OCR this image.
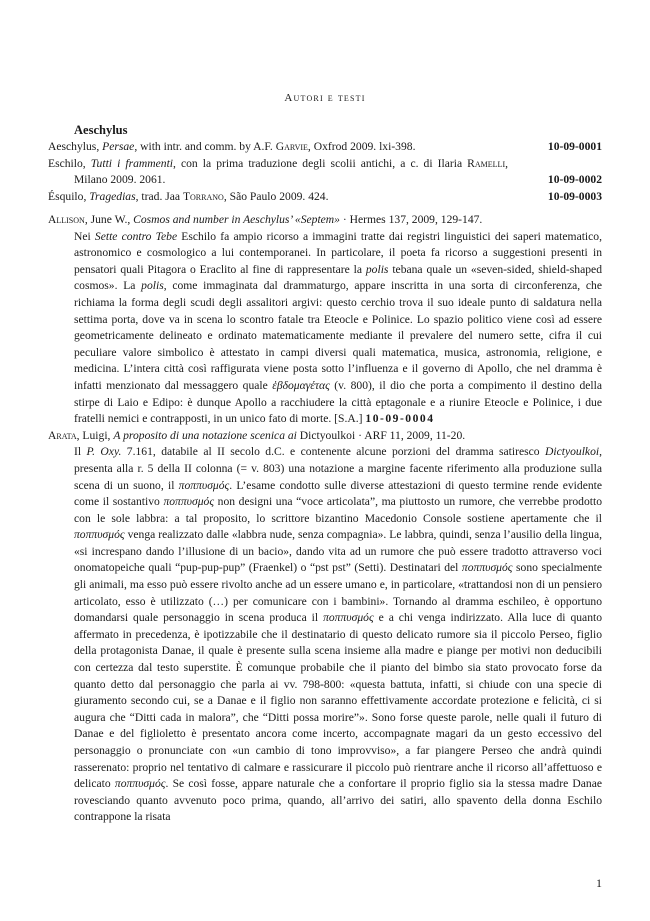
Autori e testi
Aeschylus
Aeschylus, Persae, with intr. and comm. by A.F. Garvie, Oxfrod 2009. lxi-398.	10-09-0001
Eschilo, Tutti i frammenti, con la prima traduzione degli scolii antichi, a c. di Ilaria Ramelli, Milano 2009. 2061.	10-09-0002
Ésquilo, Tragedias, trad. Jaa Torrano, São Paulo 2009. 424.	10-09-0003
Allison, June W., Cosmos and number in Aeschylus’ «Septem» · Hermes 137, 2009, 129-147.
Nei Sette contro Tebe Eschilo fa ampio ricorso a immagini tratte dai registri linguistici dei saperi matematico, astronomico e cosmologico a lui contemporanei. In particolare, il poeta fa ricorso a suggestioni presenti in pensatori quali Pitagora o Eraclito al fine di rappresentare la polis tebana quale un «seven-sided, shield-shaped cosmos». La polis, come immaginata dal drammaturgo, appare inscritta in una sorta di circonferenza, che richiama la forma degli scudi degli assalitori argivi: questo cerchio trova il suo ideale punto di saldatura nella settima porta, dove va in scena lo scontro fatale tra Eteocle e Polinice. Lo spazio politico viene così ad essere geometricamente delineato e ordinato matematicamente mediante il prevalere del numero sette, cifra il cui peculiare valore simbolico è attestato in campi diversi quali matematica, musica, astronomia, religione, e medicina. L’intera città così raffigurata viene posta sotto l’influenza e il governo di Apollo, che nel dramma è infatti menzionato dal messaggero quale ἑβδομαγέτας (v. 800), il dio che porta a compimento il destino della stirpe di Laio e Edipo: è dunque Apollo a racchiudere la città eptagonale e a riunire Eteocle e Polinice, i due fratelli nemici e contrapposti, in un unico fato di morte. [S.A.] 10-09-0004
Arata, Luigi, A proposito di una notazione scenica ai Dictyoulkoi · ARF 11, 2009, 11-20.
Il P. Oxy. 7.161, databile al II secolo d.C. e contenente alcune porzioni del dramma satiresco Dictyoulkoi, presenta alla r. 5 della II colonna (= v. 803) una notazione a margine facente riferimento alla produzione sulla scena di un suono, il ποππυσμός. L’esame condotto sulle diverse attestazioni di questo termine rende evidente come il sostantivo ποππυσμός non designi una “voce articolata”, ma piuttosto un rumore, che verrebbe prodotto con le sole labbra: a tal proposito, lo scrittore bizantino Macedonio Console sostiene apertamente che il ποππυσμός venga realizzato dalle «labbra nude, senza compagnia». Le labbra, quindi, senza l’ausilio della lingua, «si increspano dando l’illusione di un bacio», dando vita ad un rumore che può essere tradotto attraverso voci onomatopeiche quali “pup-pup-pup” (Fraenkel) o “pst pst” (Setti). Destinatari del ποππυσμός sono specialmente gli animali, ma esso può essere rivolto anche ad un essere umano e, in particolare, «trattandosi non di un pensiero articolato, esso è utilizzato (…) per comunicare con i bambini». Tornando al dramma eschileo, è opportuno domandarsi quale personaggio in scena produca il ποππυσμός e a chi venga indirizzato. Alla luce di quanto affermato in precedenza, è ipotizzabile che il destinatario di questo delicato rumore sia il piccolo Perseo, figlio della protagonista Danae, il quale è presente sulla scena insieme alla madre e piange per motivi non deducibili con certezza dal testo superstite. È comunque probabile che il pianto del bimbo sia stato provocato forse da quanto detto dal personaggio che parla ai vv. 798-800: «questa battuta, infatti, si chiude con una specie di giuramento secondo cui, se a Danae e il figlio non saranno effettivamente accordate protezione e felicità, ci si augura che “Ditti cada in malora”, che “Ditti possa morire”». Sono forse queste parole, nelle quali il futuro di Danae e del figlioletto è presentato ancora come incerto, accompagnate magari da un gesto eccessivo del personaggio o pronunciate con «un cambio di tono improvviso», a far piangere Perseo che andrà quindi rasserenato: proprio nel tentativo di calmare e rassicurare il piccolo può rientrare anche il ricorso all’affettuoso e delicato ποππυσμός. Se così fosse, appare naturale che a confortare il proprio figlio sia la stessa madre Danae rovesciando quanto avvenuto poco prima, quando, all’arrivo dei satiri, allo spavento della donna Eschilo contrappone la risata
1
